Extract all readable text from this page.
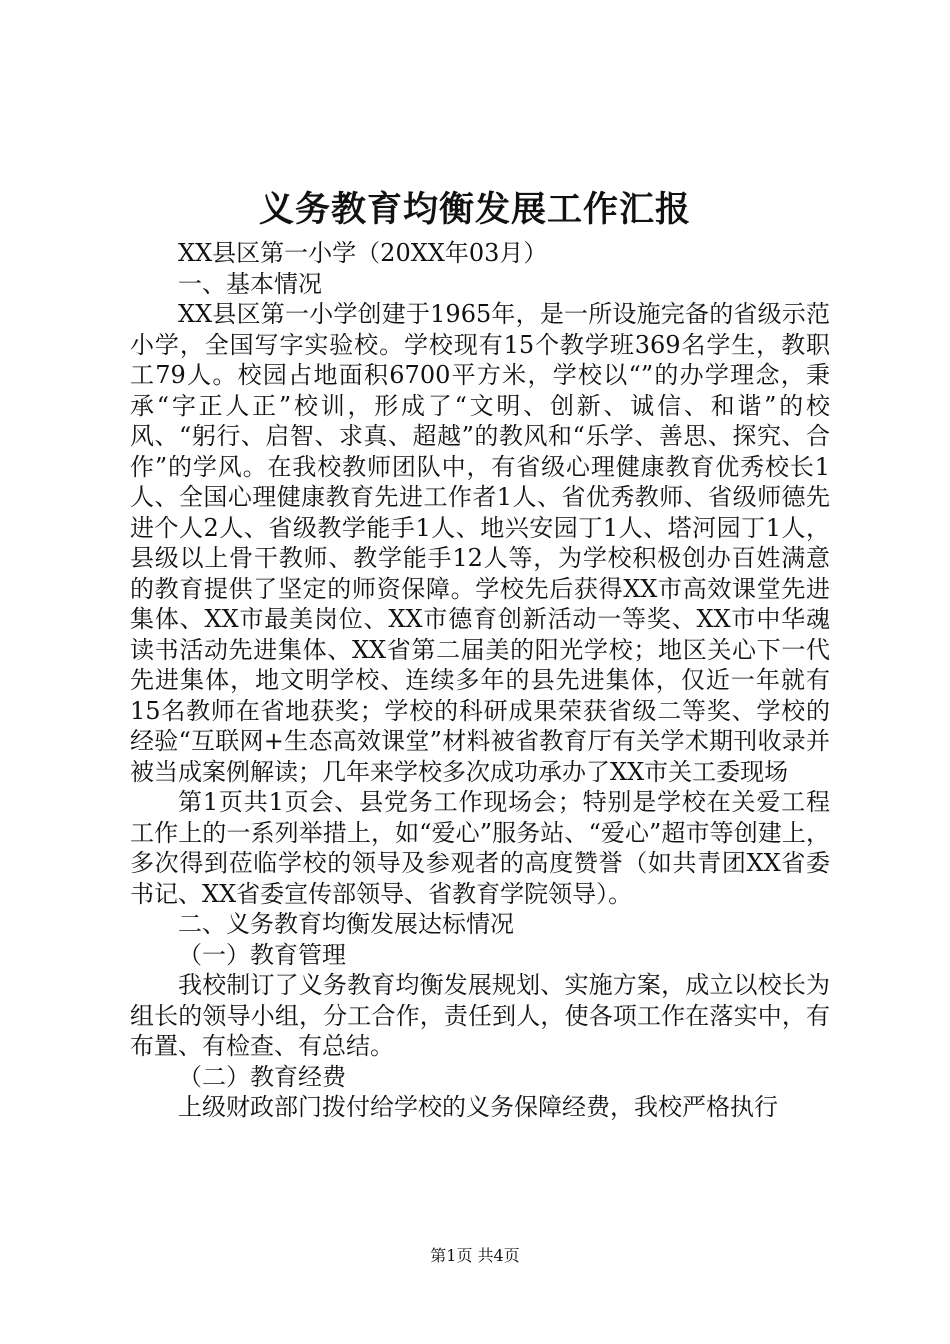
义务教育均衡发展工作汇报

XX县区第一小学（20XX年03月）

一、基本情况

XX县区第一小学创建于1965年，是一所设施完备的省级示范小学，全国写字实验校。学校现有15个教学班369名学生，教职工79人。校园占地面积6700平方米，学校以“”的办学理念，秉承“字正人正”校训，形成了“文明、创新、诚信、和谐”的校风、“躬行、启智、求真、超越”的教风和“乐学、善思、探究、合作”的学风。在我校教师团队中，有省级心理健康教育优秀校长1人、全国心理健康教育先进工作者1人、省优秀教师、省级师德先进个人2人、省级教学能手1人、地兴安园丁1人、塔河园丁1人，县级以上骨干教师、教学能手12人等，为学校积极创办百姓满意的教育提供了坚定的师资保障。学校先后获得XX市高效课堂先进集体、XX市最美岗位、XX市德育创新活动一等奖、XX市中华魂读书活动先进集体、XX省第二届美的阳光学校；地区关心下一代先进集体，地文明学校、连续多年的县先进集体，仅近一年就有15名教师在省地获奖；学校的科研成果荣获省级二等奖、学校的经验“互联网+生态高效课堂”材料被省教育厅有关学术期刊收录并被当成案例解读；几年来学校多次成功承办了XX市关工委现场

第1页共1页会、县党务工作现场会；特别是学校在关爱工程工作上的一系列举措上，如“爱心”服务站、“爱心”超市等创建上，多次得到莅临学校的领导及参观者的高度赞誉（如共青团XX省委书记、XX省委宣传部领导、省教育学院领导）。

二、义务教育均衡发展达标情况

（一）教育管理

我校制订了义务教育均衡发展规划、实施方案，成立以校长为组长的领导小组，分工合作，责任到人，使各项工作在落实中，有布置、有检查、有总结。

（二）教育经费

上级财政部门拨付给学校的义务保障经费，我校严格执行

第1页 共4页
